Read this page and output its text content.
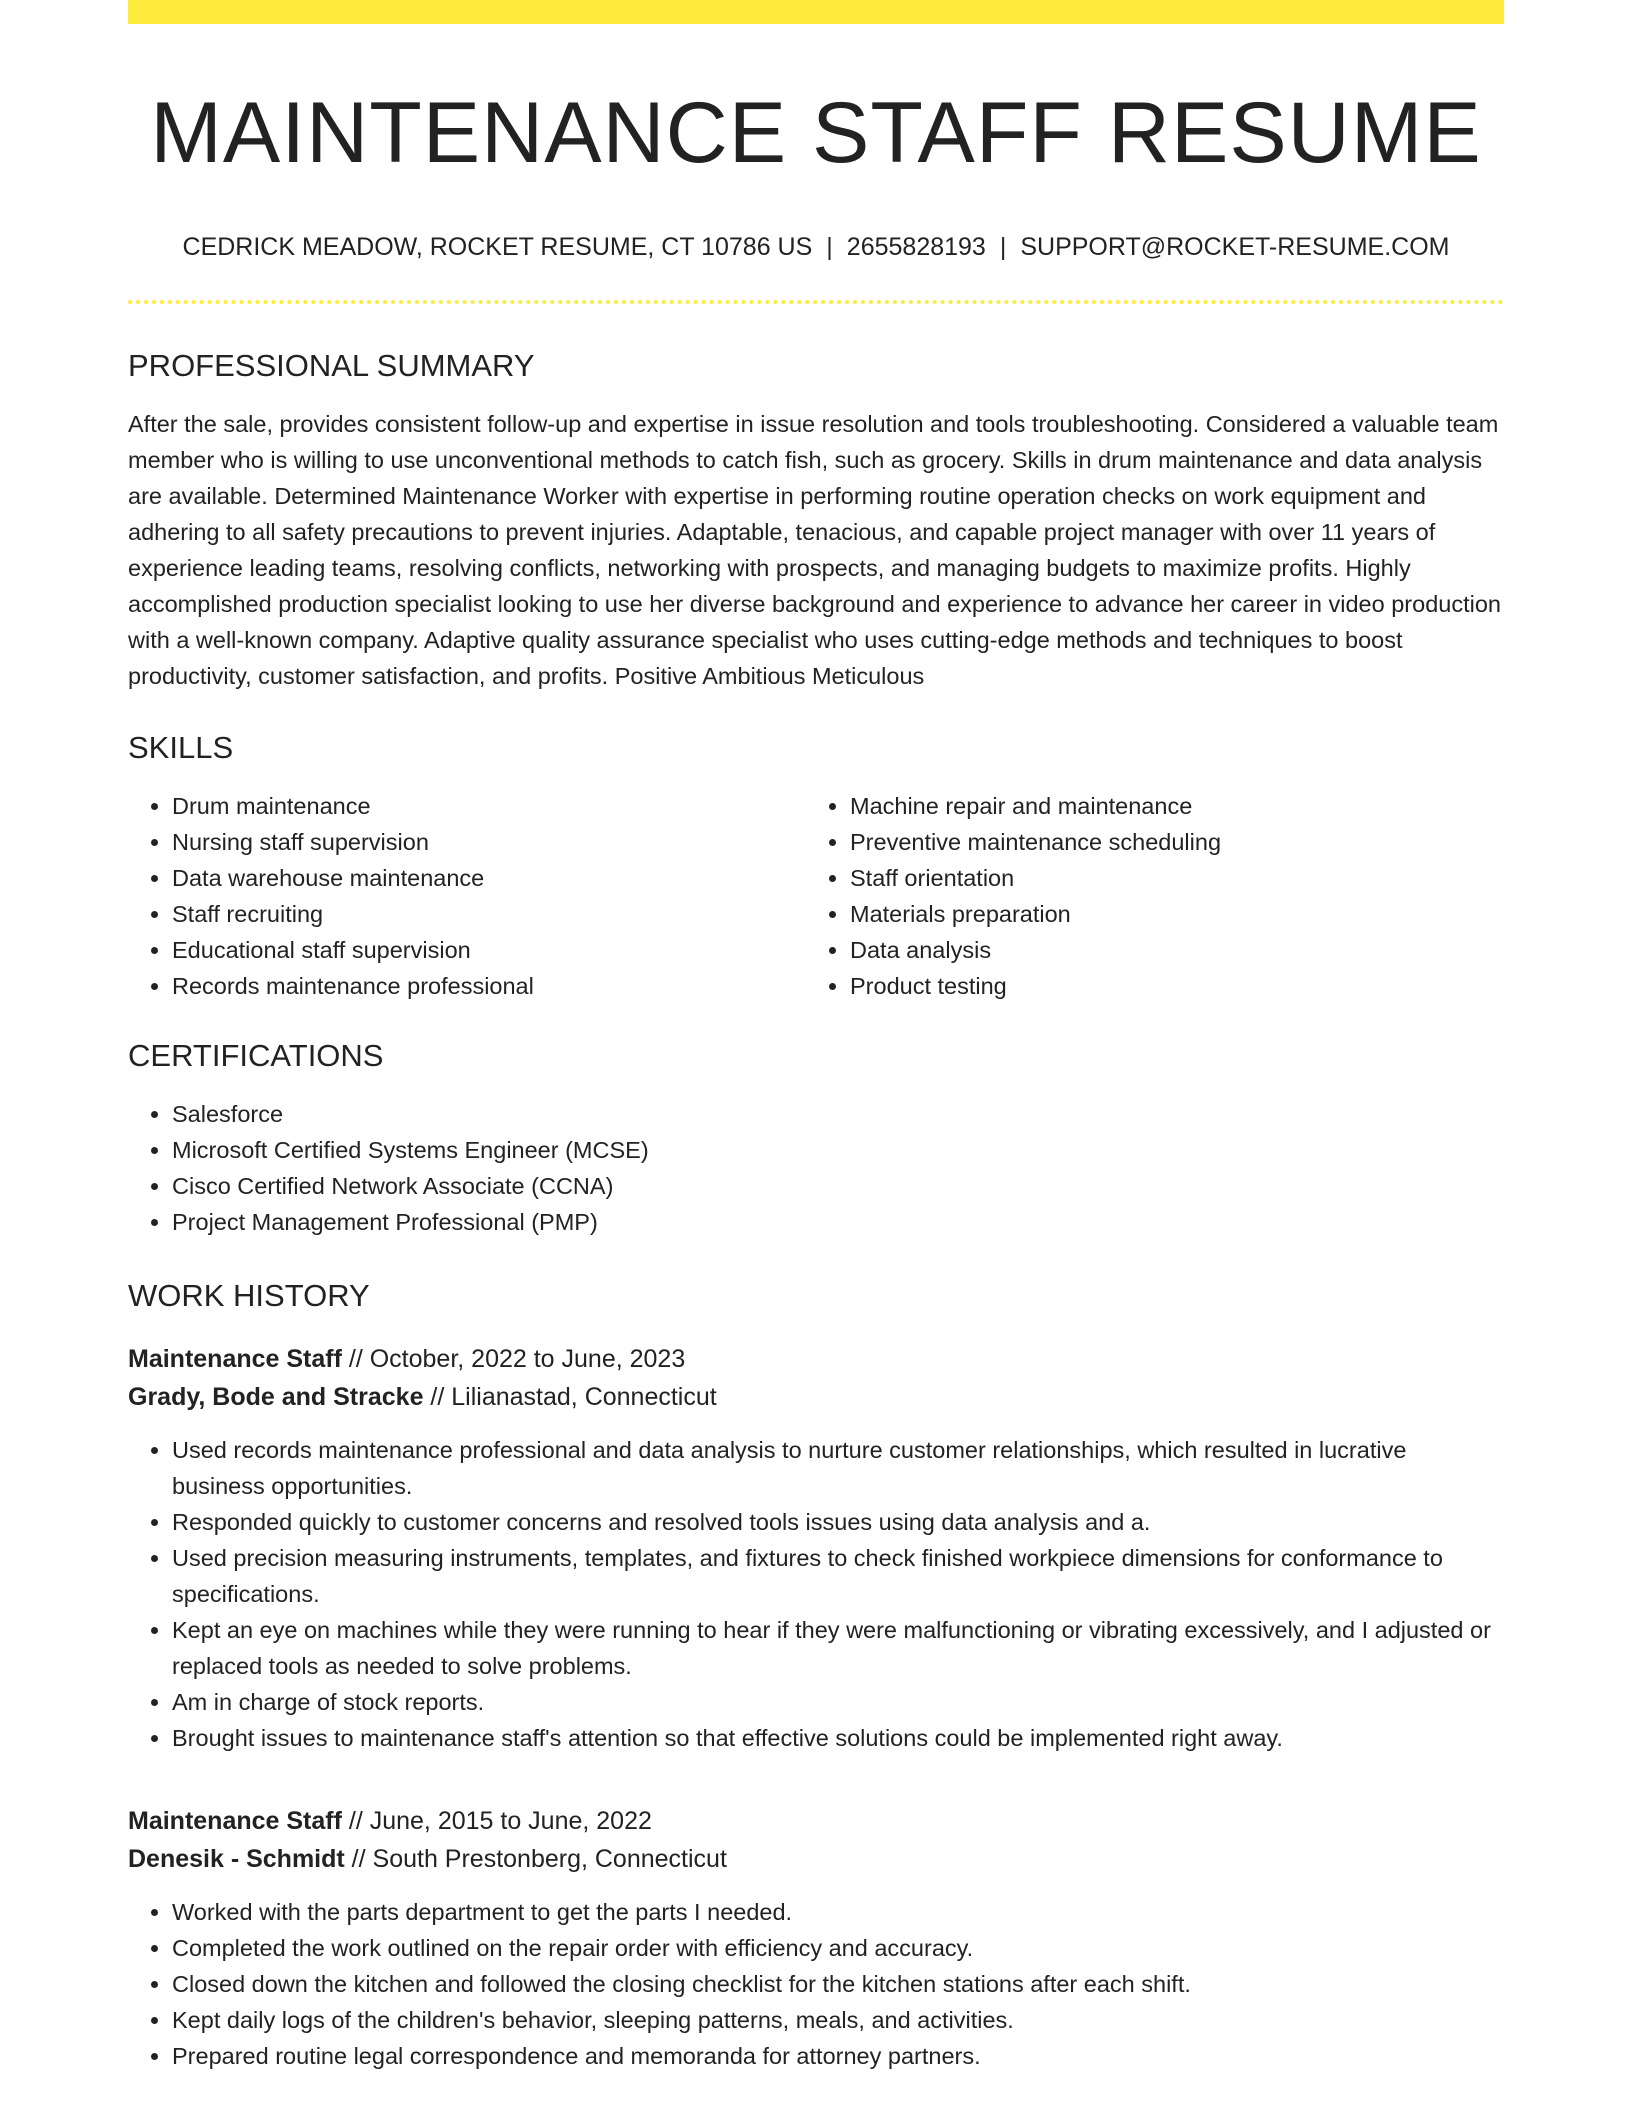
MAINTENANCE STAFF RESUME
CEDRICK MEADOW, ROCKET RESUME, CT 10786 US | 2655828193 | SUPPORT@ROCKET-RESUME.COM
PROFESSIONAL SUMMARY
After the sale, provides consistent follow-up and expertise in issue resolution and tools troubleshooting. Considered a valuable team member who is willing to use unconventional methods to catch fish, such as grocery. Skills in drum maintenance and data analysis are available. Determined Maintenance Worker with expertise in performing routine operation checks on work equipment and adhering to all safety precautions to prevent injuries. Adaptable, tenacious, and capable project manager with over 11 years of experience leading teams, resolving conflicts, networking with prospects, and managing budgets to maximize profits. Highly accomplished production specialist looking to use her diverse background and experience to advance her career in video production with a well-known company. Adaptive quality assurance specialist who uses cutting-edge methods and techniques to boost productivity, customer satisfaction, and profits. Positive Ambitious Meticulous
SKILLS
• Drum maintenance
• Nursing staff supervision
• Data warehouse maintenance
• Staff recruiting
• Educational staff supervision
• Records maintenance professional
• Machine repair and maintenance
• Preventive maintenance scheduling
• Staff orientation
• Materials preparation
• Data analysis
• Product testing
CERTIFICATIONS
• Salesforce
• Microsoft Certified Systems Engineer (MCSE)
• Cisco Certified Network Associate (CCNA)
• Project Management Professional (PMP)
WORK HISTORY
Maintenance Staff // October, 2022 to June, 2023
Grady, Bode and Stracke // Lilianastad, Connecticut
• Used records maintenance professional and data analysis to nurture customer relationships, which resulted in lucrative business opportunities.
• Responded quickly to customer concerns and resolved tools issues using data analysis and a.
• Used precision measuring instruments, templates, and fixtures to check finished workpiece dimensions for conformance to specifications.
• Kept an eye on machines while they were running to hear if they were malfunctioning or vibrating excessively, and I adjusted or replaced tools as needed to solve problems.
• Am in charge of stock reports.
• Brought issues to maintenance staff's attention so that effective solutions could be implemented right away.
Maintenance Staff // June, 2015 to June, 2022
Denesik - Schmidt // South Prestonberg, Connecticut
• Worked with the parts department to get the parts I needed.
• Completed the work outlined on the repair order with efficiency and accuracy.
• Closed down the kitchen and followed the closing checklist for the kitchen stations after each shift.
• Kept daily logs of the children's behavior, sleeping patterns, meals, and activities.
• Prepared routine legal correspondence and memoranda for attorney partners.
